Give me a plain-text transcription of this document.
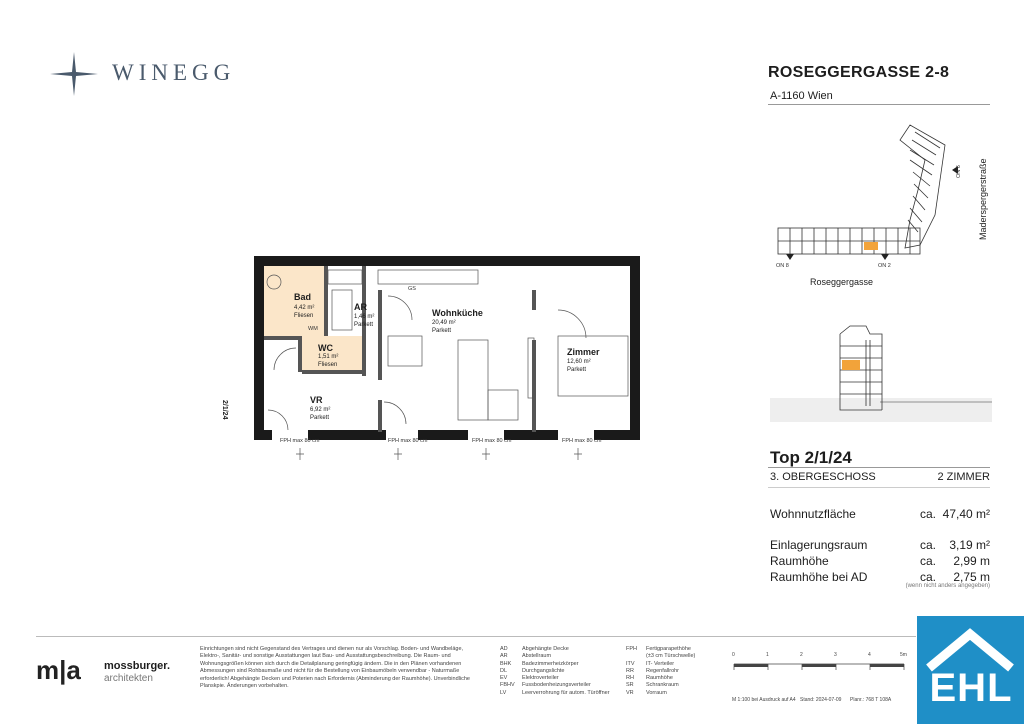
WINEGG	ROSEGGERGASSE 2-8
A-1160 Wien
ON 8	ON 2
ON 6
Roseggergasse
Maderspergerstraße
Bad
4,42 m²
Fliesen
AR
1,46 m²
Parkett
Wohnküche
20,49 m²
Parkett
WC
1,51 m²
Fliesen
Zimmer
12,60 m²
Parkett
VR
6,92 m²
Parkett
2/1/24
FPH max 80 cm	FPH max 80 cm	FPH max 80 cm	FPH max 80 cm
GS
WM
Top 2/1/24
3. OBERGESCHOSS	2 ZIMMER
Wohnnutzfläche	ca. 47,40 m²
Einlagerungsraum	ca. 3,19 m²
Raumhöhe	ca. 2,99 m
Raumhöhe bei AD	ca. 2,75 m
(wenn nicht anders angegeben)
m|a mossburger.
architekten
Einrichtungen sind nicht Gegenstand des Vertrages und dienen nur als Vorschlag. Boden- und Wandbeläge, Elektro-, Sanitär- und sonstige Ausstattungen laut Bau- und Ausstattungsbeschreibung. Die Raum- und Wohnungsgrößen können sich durch die Detailplanung geringfügig ändern. Die in den Plänen vorhandenen Abmessungen sind Rohbaumaße und nicht für die Bestellung von Einbaumöbeln verwendbar - Naturmaße erforderlich! Abgehängte Decken und Poterien nach Erfordernis (Abminderung der Raumhöhe). Unverbindliche Planskpie. Änderungen vorbehalten.
AD	Abgehängte Decke
AR	Abstellraum
BHK Badezimmerheizkörper
DL	Durchgangslichte
EV	Elektroverteiler
FBHV Fussbodenheizungsverteiler
LV	Leerverrohrung für autom. Türöffner
FPH Fertigparapethöhe
(±3 cm Türschwelle)
ITV IT- Verteiler
RR Regenfallrohr
RH Raumhöhe
SR Schrankraum
VR Vorraum
0	1	2	3	4	5m
M 1:100 bei Ausdruck auf A4 Stand: 2024-07-09 Planr.: 768 T 108A EHL
